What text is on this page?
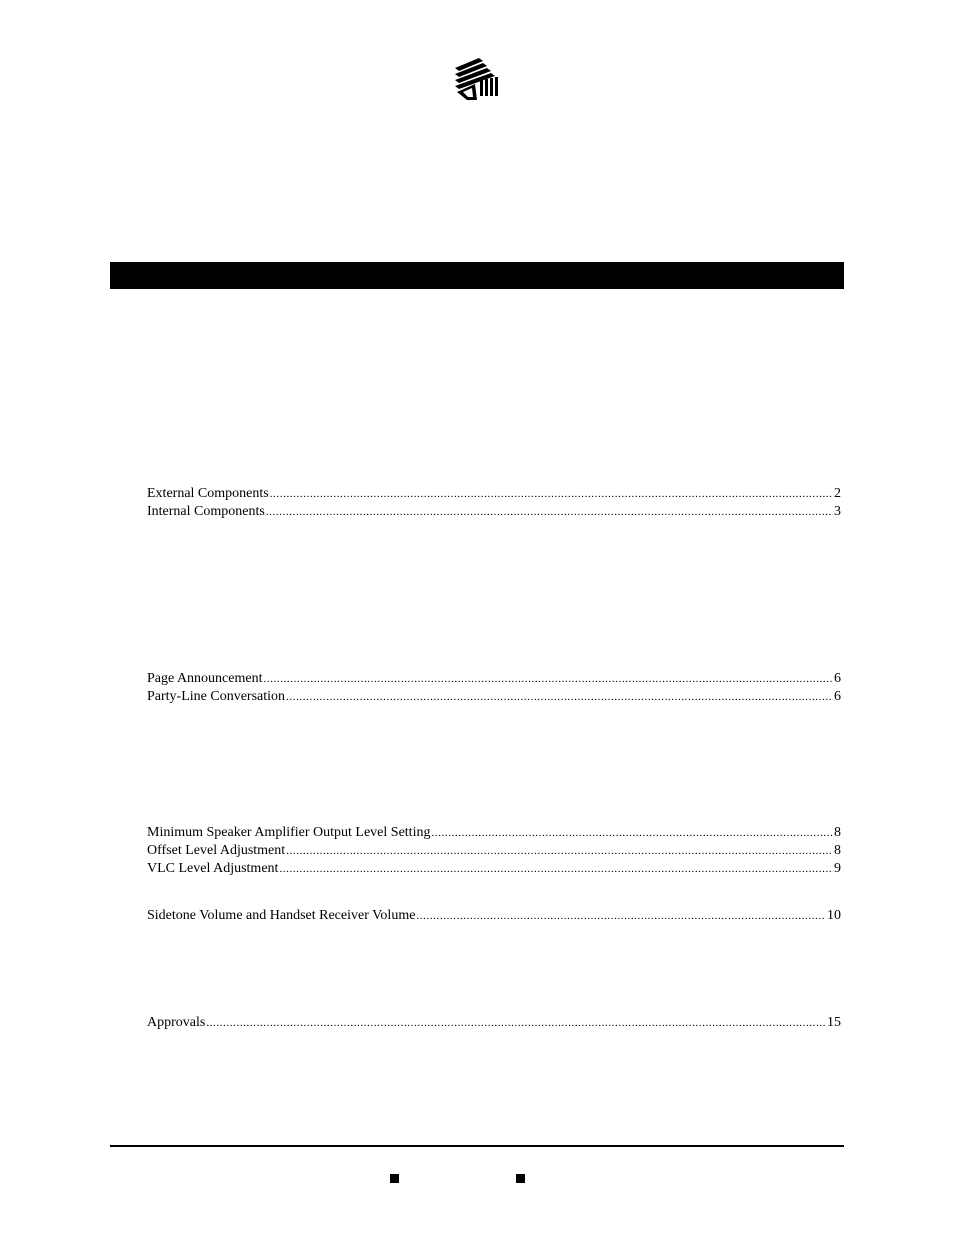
External Components .....	2
Internal Components .....	3
Page Announcement .....	6
Party-Line Conversation .....	6
Minimum Speaker Amplifier Output Level Setting .....	8
Offset Level Adjustment .....	8
VLC Level Adjustment .....	9
Sidetone Volume and Handset Receiver Volume .....	10
Approvals .....	15
